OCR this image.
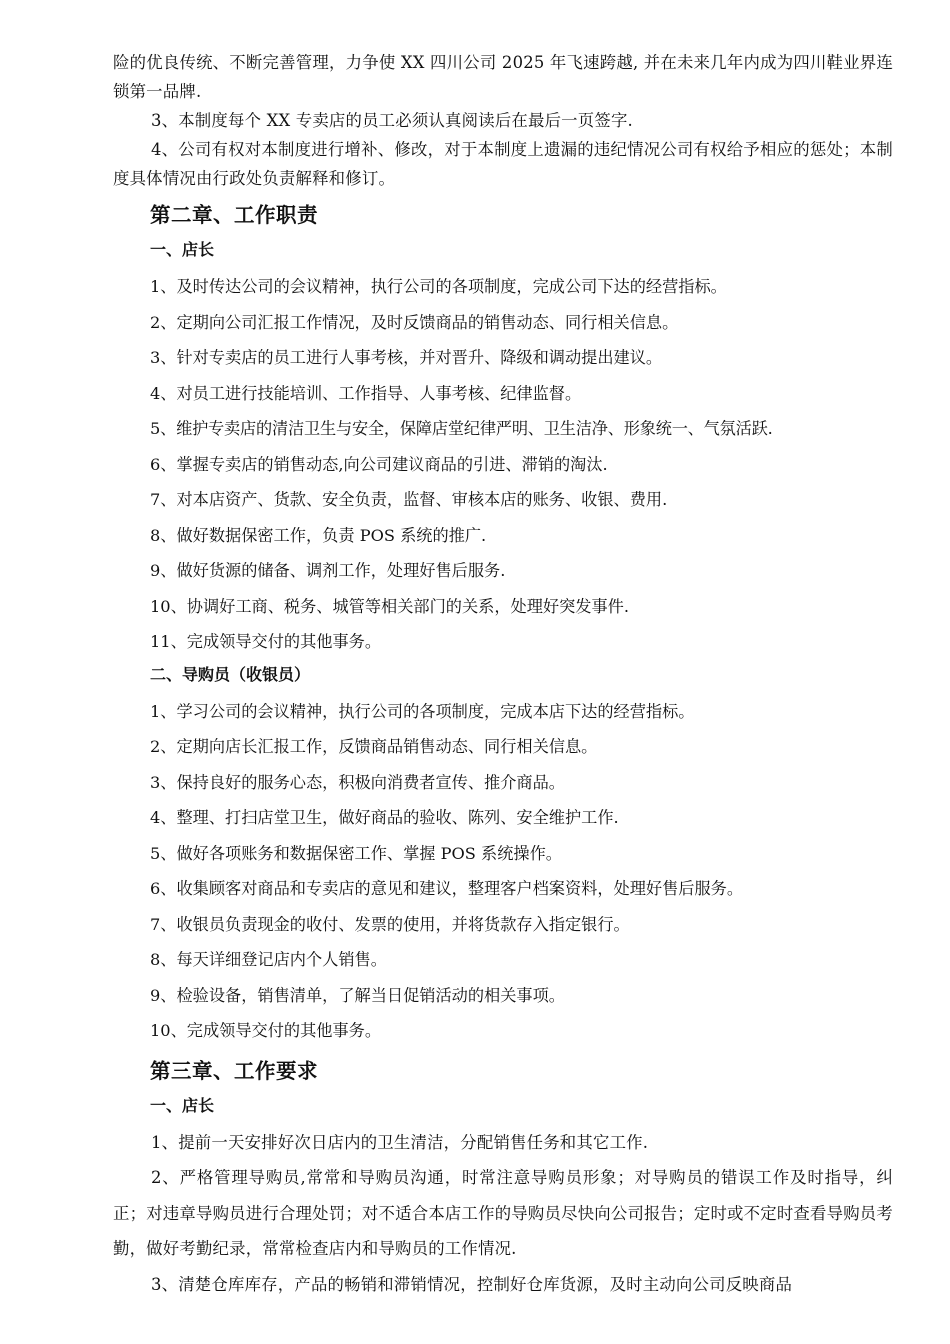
险的优良传统、不断完善管理，力争使 XX 四川公司 2025 年飞速跨越, 并在未来几年内成为四川鞋业界连锁第一品牌.

3、本制度每个 XX 专卖店的员工必须认真阅读后在最后一页签字.

4、公司有权对本制度进行增补、修改，对于本制度上遗漏的违纪情况公司有权给予相应的惩处；本制度具体情况由行政处负责解释和修订。

第二章、工作职责
一、店长
1、及时传达公司的会议精神，执行公司的各项制度，完成公司下达的经营指标。
2、定期向公司汇报工作情况，及时反馈商品的销售动态、同行相关信息。
3、针对专卖店的员工进行人事考核，并对晋升、降级和调动提出建议。
4、对员工进行技能培训、工作指导、人事考核、纪律监督。
5、维护专卖店的清洁卫生与安全，保障店堂纪律严明、卫生洁净、形象统一、气氛活跃.
6、掌握专卖店的销售动态,向公司建议商品的引进、滞销的淘汰.
7、对本店资产、货款、安全负责，监督、审核本店的账务、收银、费用.
8、做好数据保密工作，负责 POS 系统的推广.
9、做好货源的储备、调剂工作，处理好售后服务.
10、协调好工商、税务、城管等相关部门的关系，处理好突发事件.
11、完成领导交付的其他事务。
二、导购员（收银员）
1、学习公司的会议精神，执行公司的各项制度，完成本店下达的经营指标。
2、定期向店长汇报工作，反馈商品销售动态、同行相关信息。
3、保持良好的服务心态，积极向消费者宣传、推介商品。
4、整理、打扫店堂卫生，做好商品的验收、陈列、安全维护工作.
5、做好各项账务和数据保密工作、掌握 POS 系统操作。
6、收集顾客对商品和专卖店的意见和建议，整理客户档案资料，处理好售后服务。
7、收银员负责现金的收付、发票的使用，并将货款存入指定银行。
8、每天详细登记店内个人销售。
9、检验设备，销售清单，了解当日促销活动的相关事项。
10、完成领导交付的其他事务。
第三章、工作要求
一、店长

1、提前一天安排好次日店内的卫生清洁，分配销售任务和其它工作.

2、严格管理导购员,常常和导购员沟通，时常注意导购员形象；对导购员的错误工作及时指导，纠正；对违章导购员进行合理处罚；对不适合本店工作的导购员尽快向公司报告；定时或不定时查看导购员考勤，做好考勤纪录，常常检查店内和导购员的工作情况.

3、清楚仓库库存，产品的畅销和滞销情况，控制好仓库货源，及时主动向公司反映商品
